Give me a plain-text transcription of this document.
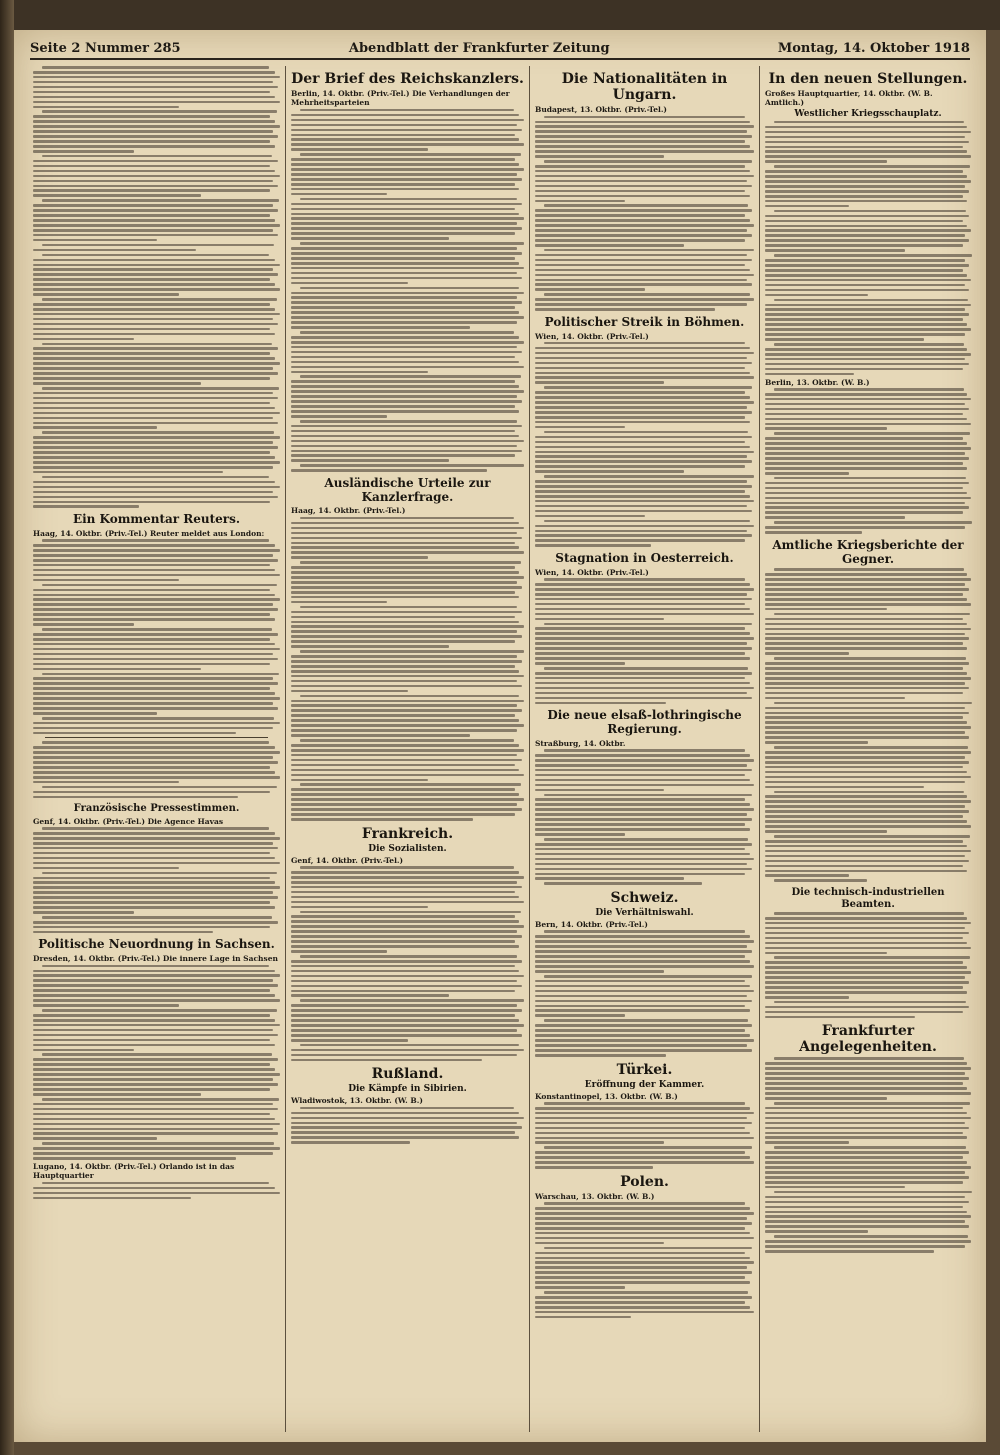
Seite 2 Nummer 285	Abendblatt der Frankfurter Zeitung	Montag, 14. Oktober 1918
Ein Kommentar Reuters.
Haag, 14. Oktbr. (Priv.-Tel.) Reuter meldet aus London:
Französische Pressestimmen.
Genf, 14. Oktbr. (Priv.-Tel.) Die Agence Havas
Politische Neuordnung in Sachsen.
Dresden, 14. Oktbr. (Priv.-Tel.) Die innere Lage in Sachsen
Lugano, 14. Oktbr. (Priv.-Tel.) Orlando ist in das Hauptquartier
Der Brief des Reichskanzlers.
Berlin, 14. Oktbr. (Priv.-Tel.) Die Verhandlungen der Mehrheitsparteien
Ausländische Urteile zur Kanzlerfrage.
Haag, 14. Oktbr. (Priv.-Tel.)
Frankreich.
Die Sozialisten.
Genf, 14. Oktbr. (Priv.-Tel.)
Rußland.
Die Kämpfe in Sibirien.
Wladiwostok, 13. Oktbr. (W. B.)
Die Nationalitäten in Ungarn.
Budapest, 13. Oktbr. (Priv.-Tel.)
Politischer Streik in Böhmen.
Wien, 14. Oktbr. (Priv.-Tel.)
Stagnation in Oesterreich.
Wien, 14. Oktbr. (Priv.-Tel.)
Die neue elsaß-lothringische Regierung.
Straßburg, 14. Oktbr.
Schweiz.
Die Verhältniswahl.
Bern, 14. Oktbr. (Priv.-Tel.)
Türkei.
Eröffnung der Kammer.
Konstantinopel, 13. Oktbr. (W. B.)
Polen.
Warschau, 13. Oktbr. (W. B.)
In den neuen Stellungen.
Großes Hauptquartier, 14. Oktbr. (W. B. Amtlich.)
Westlicher Kriegsschauplatz.
Berlin, 13. Oktbr. (W. B.)
Amtliche Kriegsberichte der Gegner.
Die technisch-industriellen Beamten.
Frankfurter Angelegenheiten.
